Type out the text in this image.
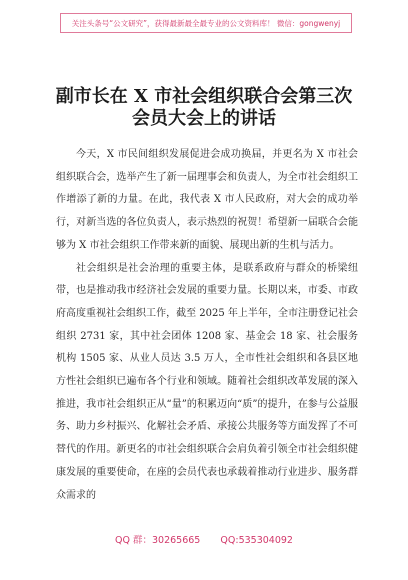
关注头条号“公文研究”，获得最新最全最专业的公文资料库！ 微信：gongwenyj
副市长在 X 市社会组织联合会第三次
会员大会上的讲话

今天，X 市民间组织发展促进会成功换届，并更名为 X 市社会组织联合会，选举产生了新一届理事会和负责人，为全市社会组织工作增添了新的力量。在此，我代表 X 市人民政府，对大会的成功举行，对新当选的各位负责人，表示热烈的祝贺！希望新一届联合会能够为 X 市社会组织工作带来新的面貌、展现出新的生机与活力。

社会组织是社会治理的重要主体，是联系政府与群众的桥梁纽带，也是推动我市经济社会发展的重要力量。长期以来，市委、市政府高度重视社会组织工作，截至 2025 年上半年，全市注册登记社会组织 2731 家，其中社会团体 1208 家、基金会 18 家、社会服务机构 1505 家、从业人员达 3.5 万人，全市性社会组织和各县区地方性社会组织已遍布各个行业和领域。随着社会组织改革发展的深入推进，我市社会组织正从“量”的积累迈向“质”的提升，在参与公益服务、助力乡村振兴、化解社会矛盾、承接公共服务等方面发挥了不可替代的作用。新更名的市社会组织联合会肩负着引领全市社会组织健康发展的重要使命，在座的会员代表也承载着推动行业进步、服务群众需求的

QQ 群：30265665 QQ:535304092
